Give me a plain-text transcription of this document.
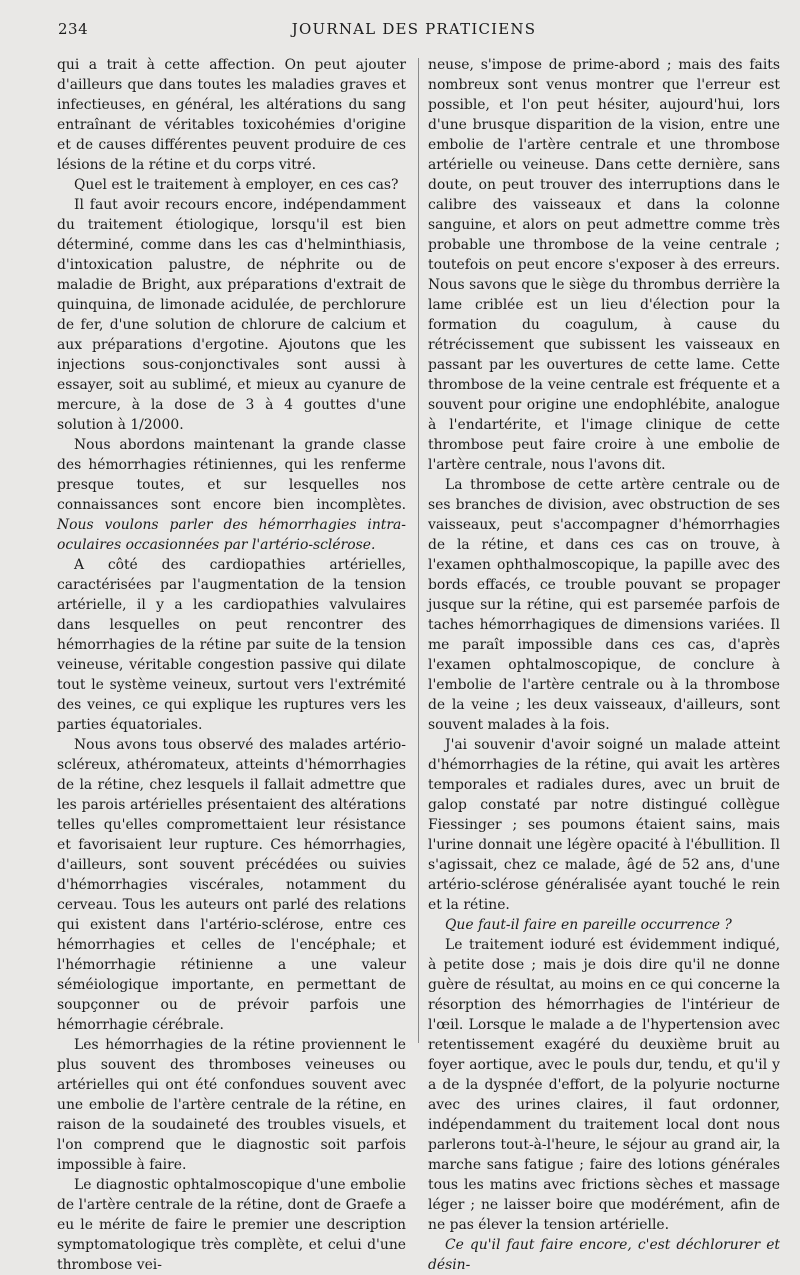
234	JOURNAL DES PRATICIENS

qui a trait à cette affection. On peut ajouter d'ailleurs que dans toutes les maladies graves et infectieuses, en général, les altérations du sang entraînant de véritables toxicohémies d'origine et de causes différentes peuvent produire de ces lésions de la rétine et du corps vitré.

Quel est le traitement à employer, en ces cas?

Il faut avoir recours encore, indépendamment du traitement étiologique, lorsqu'il est bien déterminé, comme dans les cas d'helminthiasis, d'intoxication palustre, de néphrite ou de maladie de Bright, aux préparations d'extrait de quinquina, de limonade acidulée, de perchlorure de fer, d'une solution de chlorure de calcium et aux préparations d'ergotine. Ajoutons que les injections sous-conjonctivales sont aussi à essayer, soit au sublimé, et mieux au cyanure de mercure, à la dose de 3 à 4 gouttes d'une solution à 1/2000.

Nous abordons maintenant la grande classe des hémorrhagies rétiniennes, qui les renferme presque toutes, et sur lesquelles nos connaissances sont encore bien incomplètes. Nous voulons parler des hémorrhagies intra-oculaires occasionnées par l'artério-sclérose.

A côté des cardiopathies artérielles, caractérisées par l'augmentation de la tension artérielle, il y a les cardiopathies valvulaires dans lesquelles on peut rencontrer des hémorrhagies de la rétine par suite de la tension veineuse, véritable congestion passive qui dilate tout le système veineux, surtout vers l'extrémité des veines, ce qui explique les ruptures vers les parties équatoriales.

Nous avons tous observé des malades artério-scléreux, athéromateux, atteints d'hémorrhagies de la rétine, chez lesquels il fallait admettre que les parois artérielles présentaient des altérations telles qu'elles compromettaient leur résistance et favorisaient leur rupture. Ces hémorrhagies, d'ailleurs, sont souvent précédées ou suivies d'hémorrhagies viscérales, notamment du cerveau. Tous les auteurs ont parlé des relations qui existent dans l'artério-sclérose, entre ces hémorrhagies et celles de l'encéphale; et l'hémorrhagie rétinienne a une valeur séméiologique importante, en permettant de soupçonner ou de prévoir parfois une hémorrhagie cérébrale.

Les hémorrhagies de la rétine proviennent le plus souvent des thromboses veineuses ou artérielles qui ont été confondues souvent avec une embolie de l'artère centrale de la rétine, en raison de la soudaineté des troubles visuels, et l'on comprend que le diagnostic soit parfois impossible à faire.

Le diagnostic ophtalmoscopique d'une embolie de l'artère centrale de la rétine, dont de Graefe a eu le mérite de faire le premier une description symptomatologique très complète, et celui d'une thrombose vei-

neuse, s'impose de prime-abord ; mais des faits nombreux sont venus montrer que l'erreur est possible, et l'on peut hésiter, aujourd'hui, lors d'une brusque disparition de la vision, entre une embolie de l'artère centrale et une thrombose artérielle ou veineuse. Dans cette dernière, sans doute, on peut trouver des interruptions dans le calibre des vaisseaux et dans la colonne sanguine, et alors on peut admettre comme très probable une thrombose de la veine centrale ; toutefois on peut encore s'exposer à des erreurs. Nous savons que le siège du thrombus derrière la lame criblée est un lieu d'élection pour la formation du coagulum, à cause du rétrécissement que subissent les vaisseaux en passant par les ouvertures de cette lame. Cette thrombose de la veine centrale est fréquente et a souvent pour origine une endophlébite, analogue à l'endartérite, et l'image clinique de cette thrombose peut faire croire à une embolie de l'artère centrale, nous l'avons dit.

La thrombose de cette artère centrale ou de ses branches de division, avec obstruction de ses vaisseaux, peut s'accompagner d'hémorrhagies de la rétine, et dans ces cas on trouve, à l'examen ophthalmoscopique, la papille avec des bords effacés, ce trouble pouvant se propager jusque sur la rétine, qui est parsemée parfois de taches hémorrhagiques de dimensions variées. Il me paraît impossible dans ces cas, d'après l'examen ophtalmoscopique, de conclure à l'embolie de l'artère centrale ou à la thrombose de la veine ; les deux vaisseaux, d'ailleurs, sont souvent malades à la fois.

J'ai souvenir d'avoir soigné un malade atteint d'hémorrhagies de la rétine, qui avait les artères temporales et radiales dures, avec un bruit de galop constaté par notre distingué collègue Fiessinger ; ses poumons étaient sains, mais l'urine donnait une légère opacité à l'ébullition. Il s'agissait, chez ce malade, âgé de 52 ans, d'une artério-sclérose généralisée ayant touché le rein et la rétine.

Que faut-il faire en pareille occurrence ?

Le traitement ioduré est évidemment indiqué, à petite dose ; mais je dois dire qu'il ne donne guère de résultat, au moins en ce qui concerne la résorption des hémorrhagies de l'intérieur de l'œil. Lorsque le malade a de l'hypertension avec retentissement exagéré du deuxième bruit au foyer aortique, avec le pouls dur, tendu, et qu'il y a de la dyspnée d'effort, de la polyurie nocturne avec des urines claires, il faut ordonner, indépendamment du traitement local dont nous parlerons tout-à-l'heure, le séjour au grand air, la marche sans fatigue ; faire des lotions générales tous les matins avec frictions sèches et massage léger ; ne laisser boire que modérément, afin de ne pas élever la tension artérielle.

Ce qu'il faut faire encore, c'est déchlorurer et désin-
